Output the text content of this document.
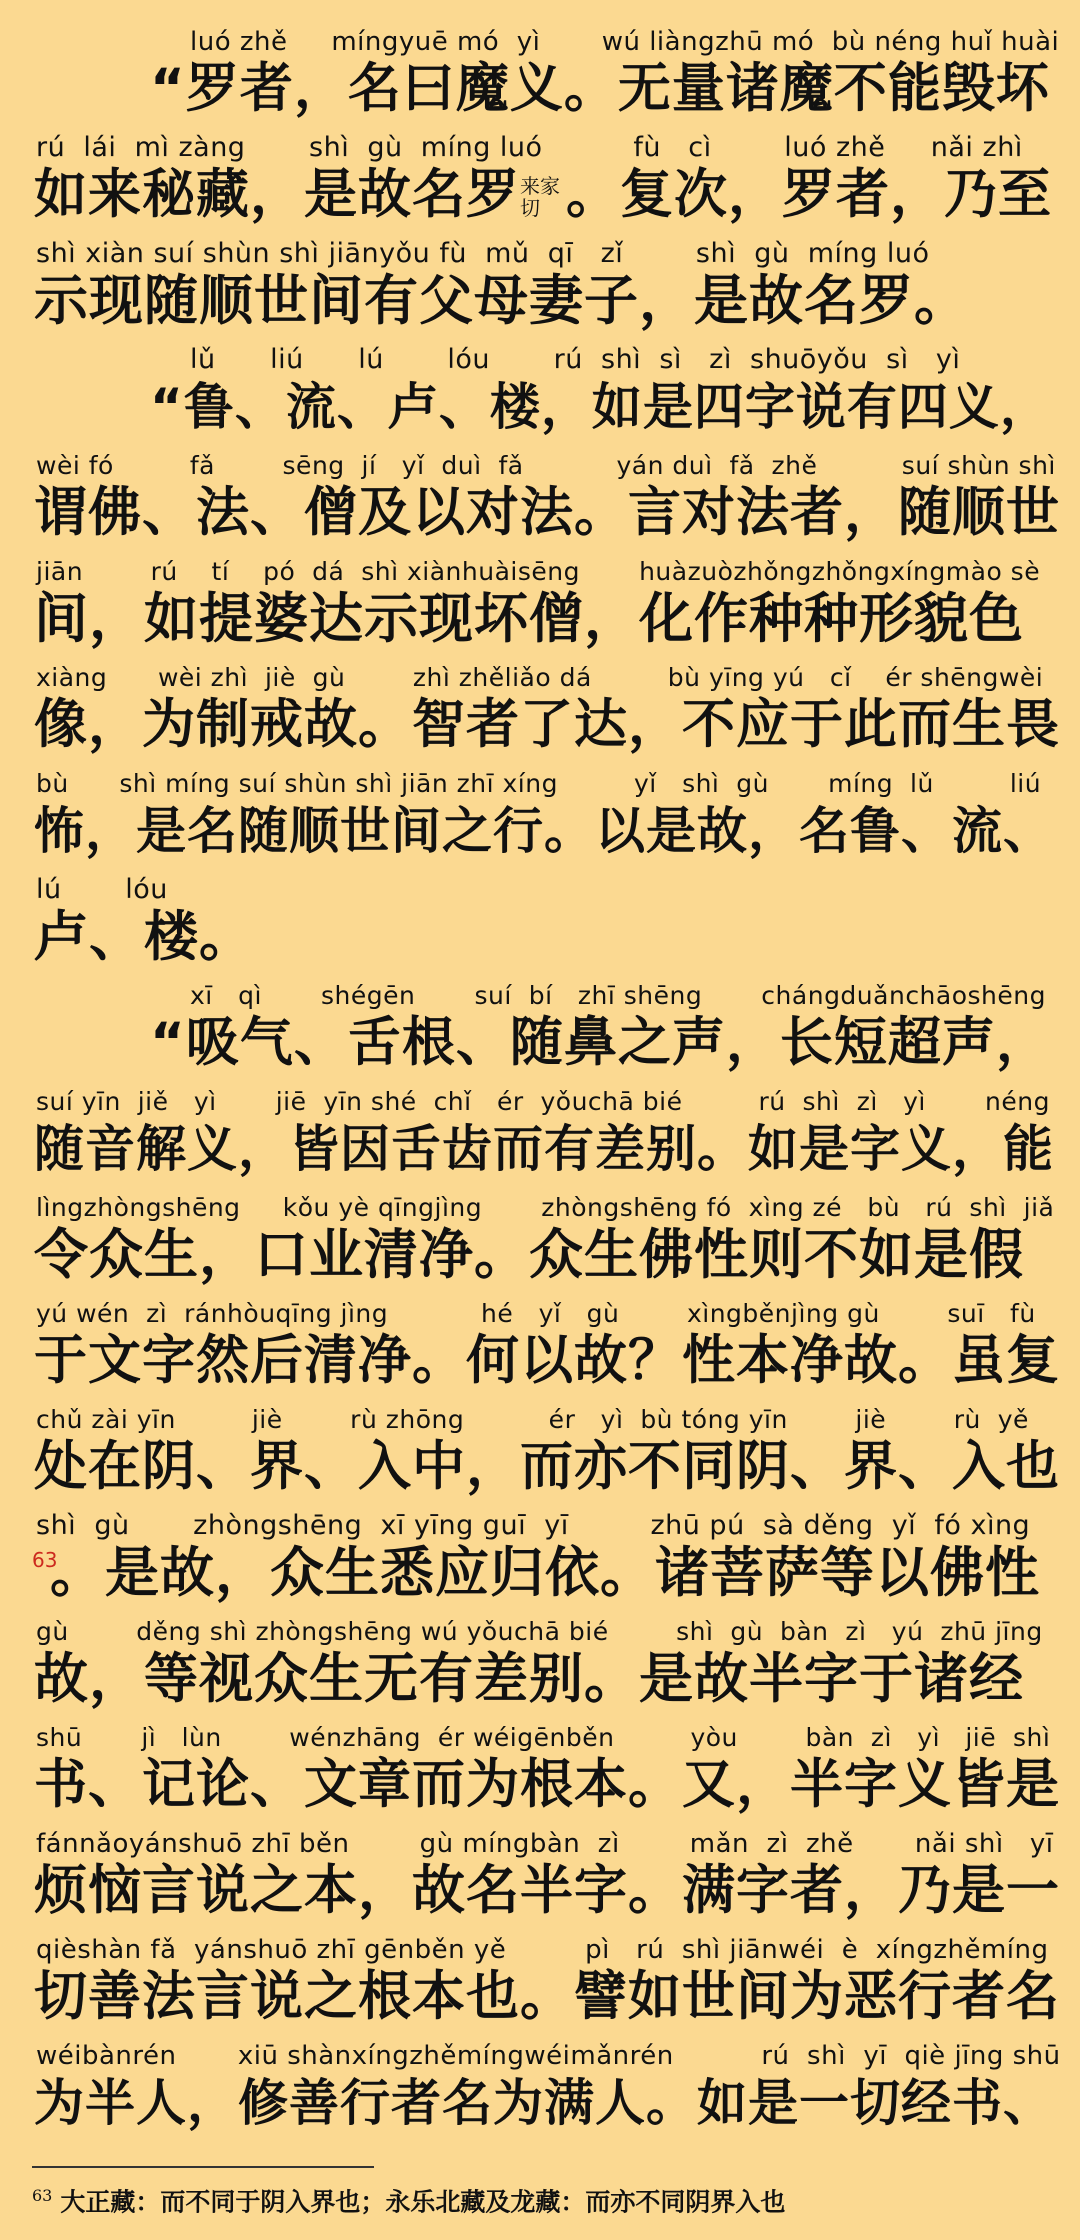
luó zhě     míngyuē mó  yì       wú liàngzhū mó  bù néng huǐ huài
“罗者，名曰魔义。无量诸魔不能毁坏
rú  lái  mì zàng       shì  gù  míng luó          fù   cì        luó zhě     nǎi zhì
如来秘藏，是故名罗来家切 。复次，罗者，乃至
shì xiàn suí shùn shì jiānyǒu fù  mǔ  qī   zǐ        shì  gù  míng luó
示现随顺世间有父母妻子，是故名罗。
lǔ      liú      lú       lóu       rú  shì  sì   zì  shuōyǒu  sì   yì
“鲁、流、卢、楼，如是四字说有四义，
wèi fó         fǎ        sēng  jí   yǐ  duì  fǎ           yán duì  fǎ  zhě          suí shùn shì
谓佛、法、僧及以对法。言对法者，随顺世
jiān        rú    tí    pó  dá  shì xiànhuàisēng       huàzuòzhǒngzhǒngxíngmào sè
间，如提婆达示现坏僧，化作种种形貌色
xiàng      wèi zhì  jiè  gù        zhì zhěliǎo dá         bù yīng yú   cǐ    ér shēngwèi
像，为制戒故。智者了达，不应于此而生畏
bù      shì míng suí shùn shì jiān zhī xíng         yǐ   shì  gù       míng  lǔ         liú
怖，是名随顺世间之行。以是故，名鲁、流、
lú       lóu
卢、楼。
xī   qì       shégēn       suí  bí   zhī shēng       chángduǎnchāoshēng
“吸气、舌根、随鼻之声，长短超声，
suí yīn  jiě   yì       jiē  yīn shé  chǐ   ér  yǒuchā bié         rú  shì  zì   yì       néng
随音解义，皆因舌齿而有差别。如是字义，能
lìngzhòngshēng     kǒu yè qīngjìng       zhòngshēng fó  xìng zé   bù   rú  shì  jiǎ
令众生，口业清净。众生佛性则不如是假
yú wén  zì  ránhòuqīng jìng           hé   yǐ   gù        xìngběnjìng gù        suī   fù
于文字然后清净。何以故？性本净故。虽复
chǔ zài yīn         jiè        rù zhōng          ér   yì  bù tóng yīn        jiè        rù  yě
处在阴、界、入中，而亦不同阴、界、入也
shì  gù       zhòngshēng  xī yīng guī  yī         zhū pú  sà děng  yǐ  fó xìng
。是故，众生悉应归依。诸菩萨等以佛性
63
gù        děng shì zhòngshēng wú yǒuchā bié        shì  gù  bàn  zì   yú  zhū jīng
故，等视众生无有差别。是故半字于诸经
shū       jì   lùn        wénzhāng  ér wéigēnběn         yòu        bàn  zì   yì   jiē  shì
书、记论、文章而为根本。又，半字义皆是
fánnǎoyánshuō zhī běn        gù míngbàn  zì        mǎn  zì  zhě       nǎi shì   yī
烦恼言说之本，故名半字。满字者，乃是一
qièshàn fǎ  yánshuō zhī gēnběn yě         pì   rú  shì jiānwéi  è  xíngzhěmíng
切善法言说之根本也。譬如世间为恶行者名
wéibànrén       xiū shànxíngzhěmíngwéimǎnrén          rú  shì  yī  qiè jīng shū
为半人，修善行者名为满人。如是一切经书、
$^{63}$ 大正藏：而不同于阴入界也；永乐北藏及龙藏：而亦不同阴界入也
